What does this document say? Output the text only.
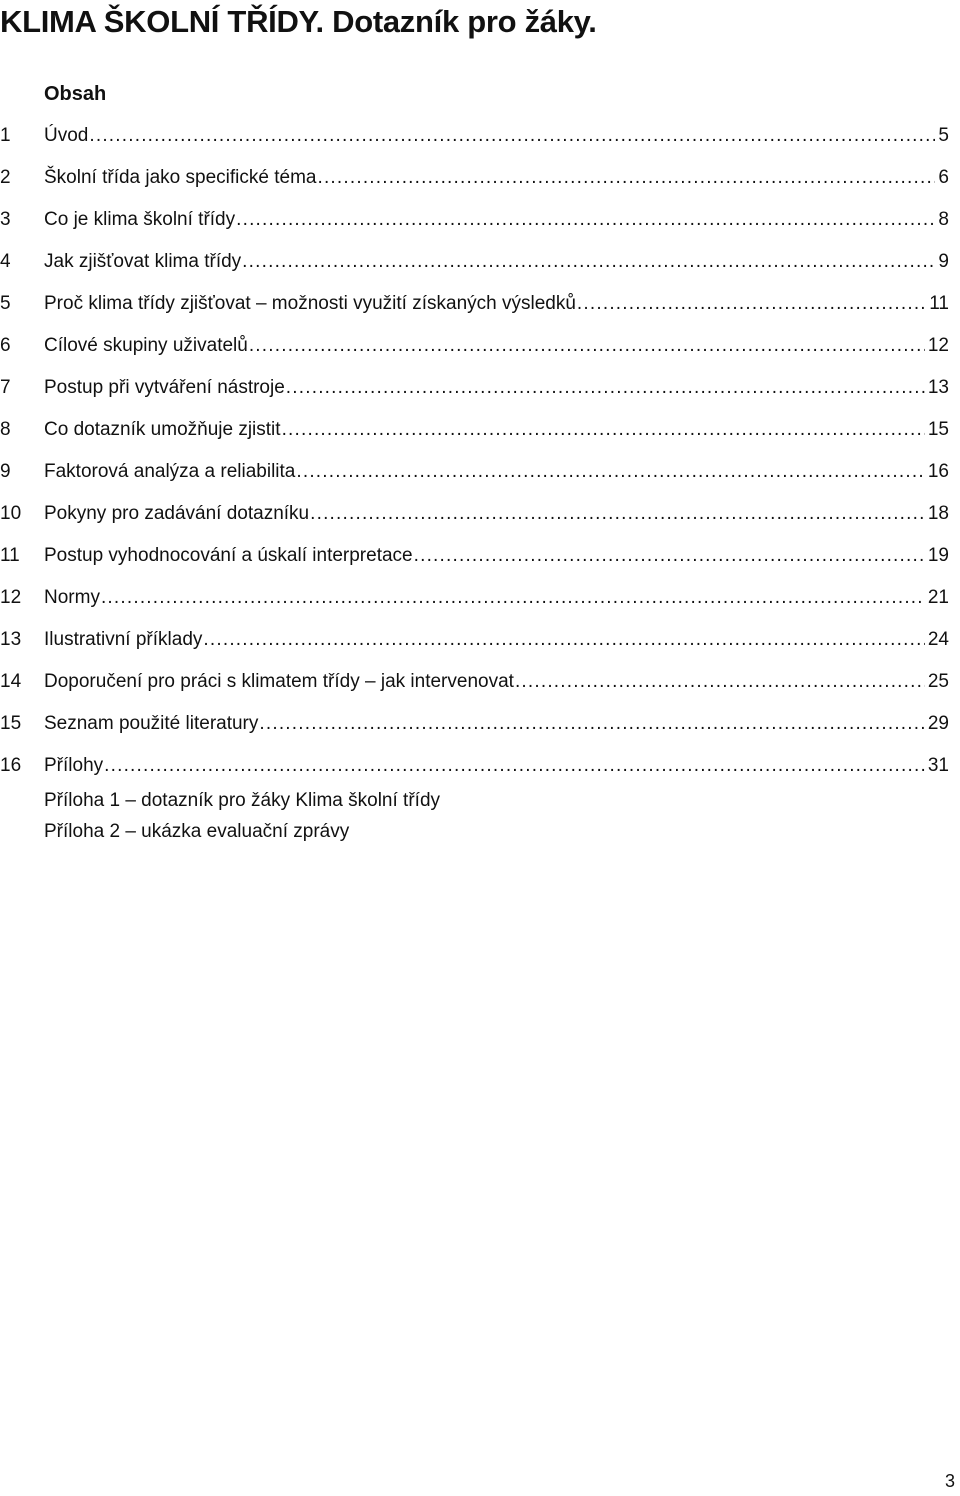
KLIMA ŠKOLNÍ TŘÍDY. Dotazník pro žáky.
Obsah
1	Úvod .....	5
2	Školní třída jako specifické téma .....	6
3	Co je klima školní třídy .....	8
4	Jak zjišťovat klima třídy .....	9
5	Proč klima třídy zjišťovat – možnosti využití získaných výsledků .....	11
6	Cílové skupiny uživatelů .....	12
7	Postup při vytváření nástroje .....	13
8	Co dotazník umožňuje zjistit .....	15
9	Faktorová analýza a reliabilita .....	16
10	Pokyny pro zadávání dotazníku .....	18
11	Postup vyhodnocování a úskalí interpretace .....	19
12	Normy .....	21
13	Ilustrativní příklady .....	24
14	Doporučení pro práci s klimatem třídy – jak intervenovat .....	25
15	Seznam použité literatury .....	29
16	Přílohy .....	31

Příloha 1 – dotazník pro žáky Klima školní třídy

Příloha 2 – ukázka evaluační zprávy

3
